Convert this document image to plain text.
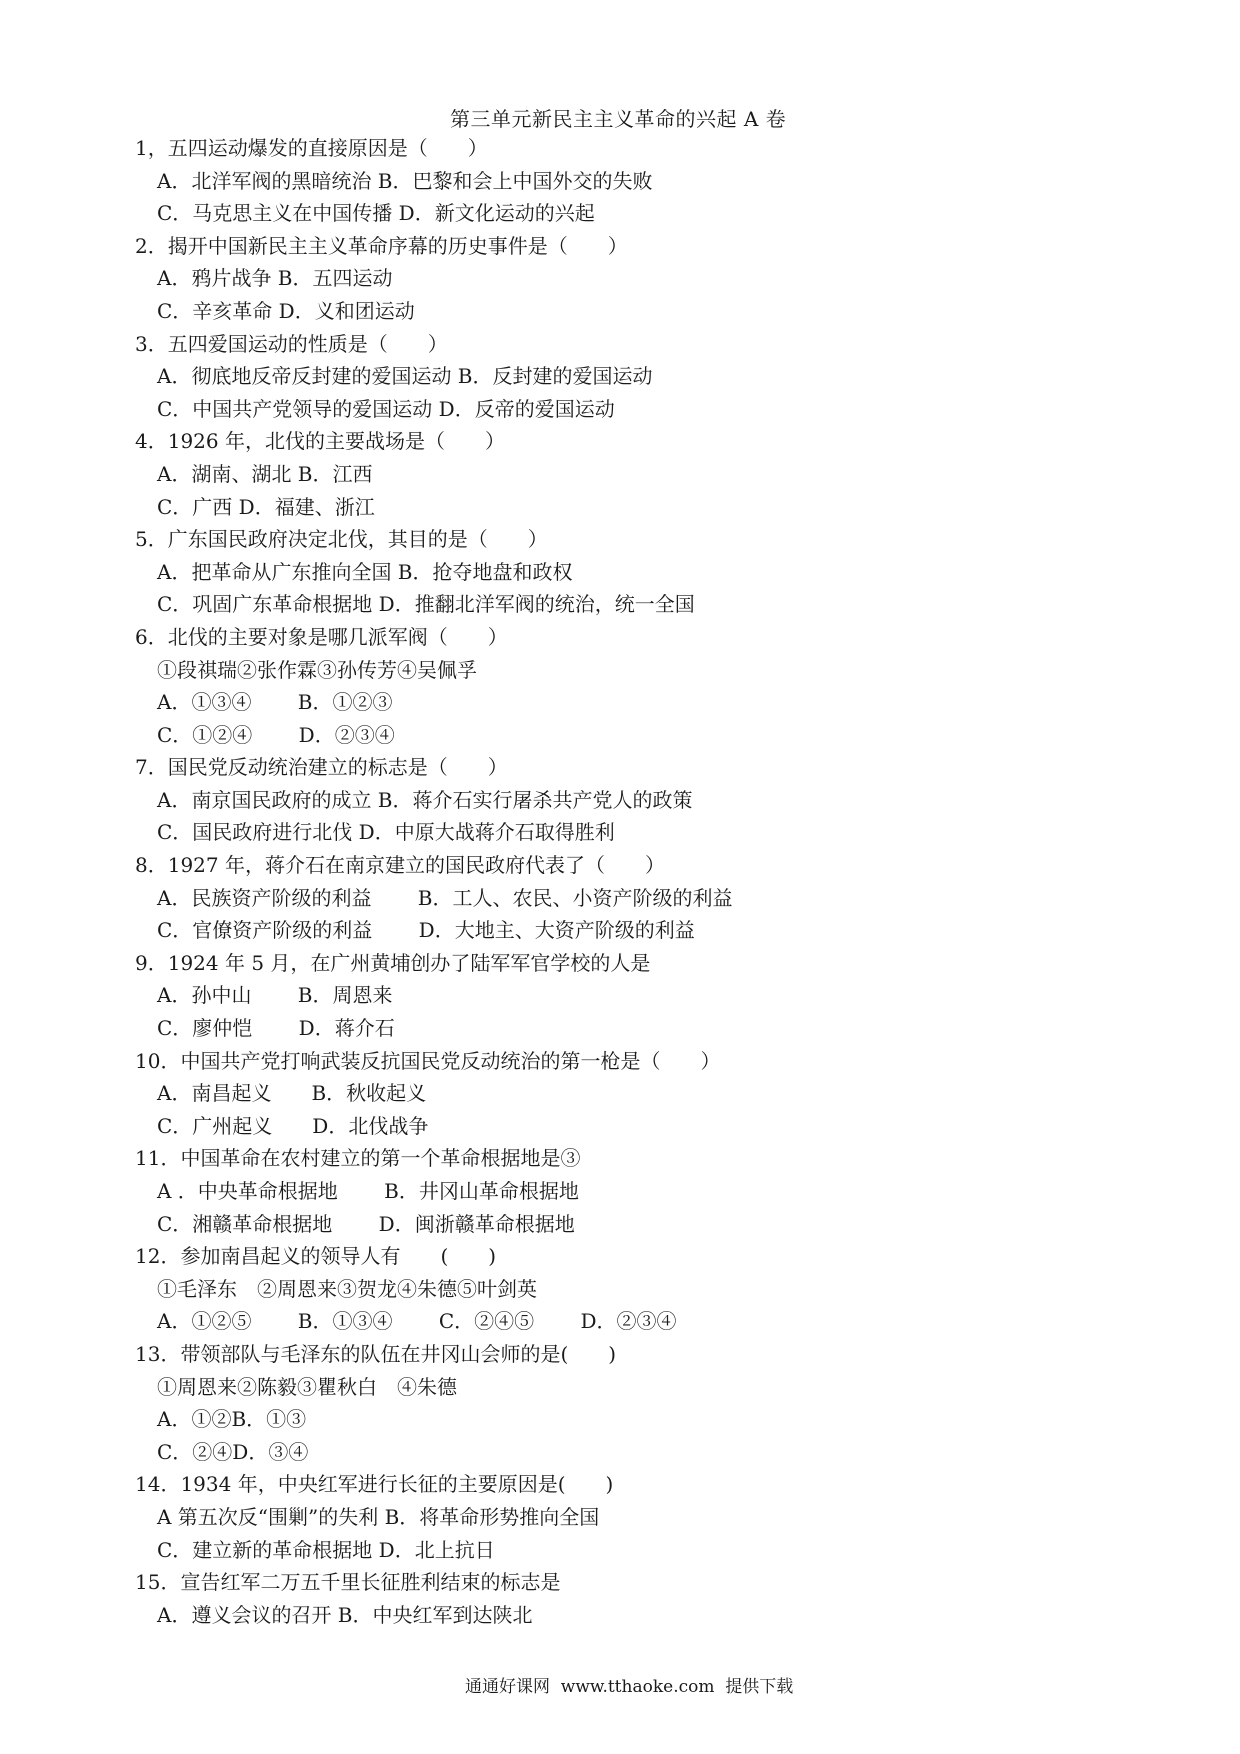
第三单元新民主主义革命的兴起 A 卷
1，五四运动爆发的直接原因是（　　）
A．北洋军阀的黑暗统治 B．巴黎和会上中国外交的失败
C．马克思主义在中国传播 D．新文化运动的兴起
2．揭开中国新民主主义革命序幕的历史事件是（　　）
A．鸦片战争 B．五四运动
C．辛亥革命 D．义和团运动
3．五四爱国运动的性质是（　　）
A．彻底地反帝反封建的爱国运动 B．反封建的爱国运动
C．中国共产党领导的爱国运动 D．反帝的爱国运动
4．1926 年，北伐的主要战场是（　　）
A．湖南、湖北 B．江西
C．广西 D．福建、浙江
5．广东国民政府决定北伐，其目的是（　　）
A．把革命从广东推向全国 B．抢夺地盘和政权
C．巩固广东革命根据地 D．推翻北洋军阀的统治，统一全国
6．北伐的主要对象是哪几派军阀（　　）
①段祺瑞②张作霖③孙传芳④吴佩孚
A．①③④　　 B．①②③
C．①②④　　 D．②③④
7．国民党反动统治建立的标志是（　　）
A．南京国民政府的成立 B．蒋介石实行屠杀共产党人的政策
C．国民政府进行北伐 D．中原大战蒋介石取得胜利
8．1927 年，蒋介石在南京建立的国民政府代表了（　　）
A．民族资产阶级的利益　　 B．工人、农民、小资产阶级的利益
C．官僚资产阶级的利益　　 D．大地主、大资产阶级的利益
9．1924 年 5 月，在广州黄埔创办了陆军军官学校的人是
A．孙中山　　 B．周恩来
C．廖仲恺　　 D．蒋介石
10．中国共产党打响武装反抗国民党反动统治的第一枪是（　　）
A．南昌起义　　B．秋收起义
C．广州起义　　D．北伐战争
11．中国革命在农村建立的第一个革命根据地是③
A ．中央革命根据地　　 B．井冈山革命根据地
C．湘赣革命根据地　　 D．闽浙赣革命根据地
12．参加南昌起义的领导人有　　(　　)
①毛泽东　②周恩来③贺龙④朱德⑤叶剑英
A．①②⑤　　 B．①③④　　 C．②④⑤　　 D．②③④
13．带领部队与毛泽东的队伍在井冈山会师的是(　　)
①周恩来②陈毅③瞿秋白　④朱德
A．①②B．①③
C．②④D．③④
14．1934 年，中央红军进行长征的主要原因是(　　)
A 第五次反“围剿”的失利 B．将革命形势推向全国
C．建立新的革命根据地 D．北上抗日
15．宣告红军二万五千里长征胜利结束的标志是
A．遵义会议的召开 B．中央红军到达陕北
通通好课网  www.tthaoke.com  提供下载
